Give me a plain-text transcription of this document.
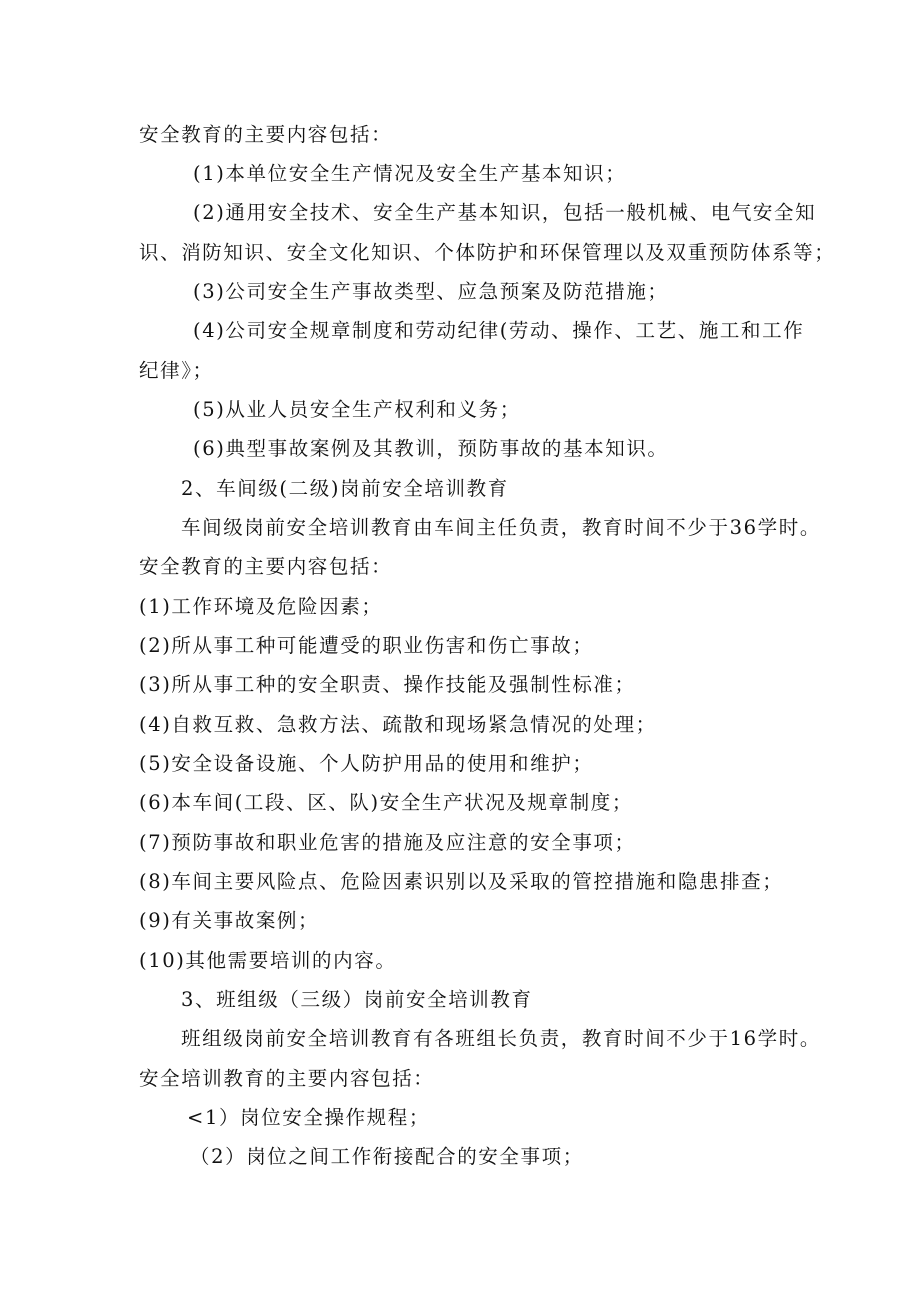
安全教育的主要内容包括：
(1)本单位安全生产情况及安全生产基本知识；
(2)通用安全技术、安全生产基本知识，包括一般机械、电气安全知
识、消防知识、安全文化知识、个体防护和环保管理以及双重预防体系等；
(3)公司安全生产事故类型、应急预案及防范措施；
(4)公司安全规章制度和劳动纪律(劳动、操作、工艺、施工和工作
纪律》；
(5)从业人员安全生产权利和义务；
(6)典型事故案例及其教训，预防事故的基本知识。
2、车间级(二级)岗前安全培训教育
车间级岗前安全培训教育由车间主任负责，教育时间不少于36学时。
安全教育的主要内容包括：
(1)工作环境及危险因素；
(2)所从事工种可能遭受的职业伤害和伤亡事故；
(3)所从事工种的安全职责、操作技能及强制性标准；
(4)自救互救、急救方法、疏散和现场紧急情况的处理；
(5)安全设备设施、个人防护用品的使用和维护；
(6)本车间(工段、区、队)安全生产状况及规章制度；
(7)预防事故和职业危害的措施及应注意的安全事项；
(8)车间主要风险点、危险因素识别以及采取的管控措施和隐患排查；
(9)有关事故案例；
(10)其他需要培训的内容。
3、班组级（三级）岗前安全培训教育
班组级岗前安全培训教育有各班组长负责，教育时间不少于16学时。
安全培训教育的主要内容包括：
<1）岗位安全操作规程；
（2）岗位之间工作衔接配合的安全事项；
